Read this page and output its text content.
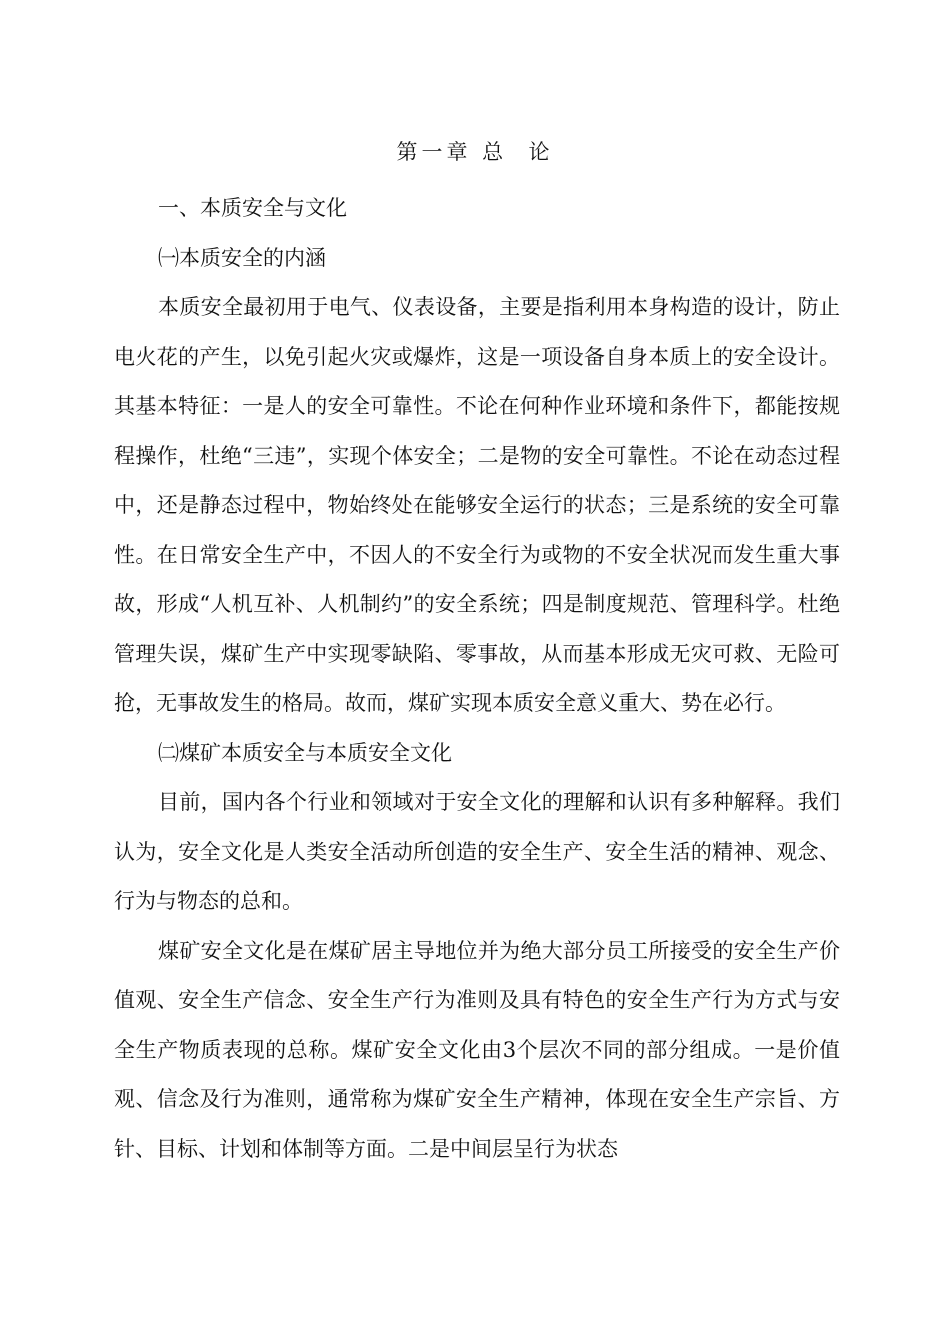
第一章 总  论

一、本质安全与文化

㈠本质安全的内涵

本质安全最初用于电气、仪表设备，主要是指利用本身构造的设计，防止电火花的产生，以免引起火灾或爆炸，这是一项设备自身本质上的安全设计。其基本特征：一是人的安全可靠性。不论在何种作业环境和条件下，都能按规程操作，杜绝“三违”，实现个体安全；二是物的安全可靠性。不论在动态过程中，还是静态过程中，物始终处在能够安全运行的状态；三是系统的安全可靠性。在日常安全生产中，不因人的不安全行为或物的不安全状况而发生重大事故，形成“人机互补、人机制约”的安全系统；四是制度规范、管理科学。杜绝管理失误，煤矿生产中实现零缺陷、零事故，从而基本形成无灾可救、无险可抢，无事故发生的格局。故而，煤矿实现本质安全意义重大、势在必行。

㈡煤矿本质安全与本质安全文化

目前，国内各个行业和领域对于安全文化的理解和认识有多种解释。我们认为，安全文化是人类安全活动所创造的安全生产、安全生活的精神、观念、行为与物态的总和。

煤矿安全文化是在煤矿居主导地位并为绝大部分员工所接受的安全生产价值观、安全生产信念、安全生产行为准则及具有特色的安全生产行为方式与安全生产物质表现的总称。煤矿安全文化由3个层次不同的部分组成。一是价值观、信念及行为准则，通常称为煤矿安全生产精神，体现在安全生产宗旨、方针、目标、计划和体制等方面。二是中间层呈行为状态
